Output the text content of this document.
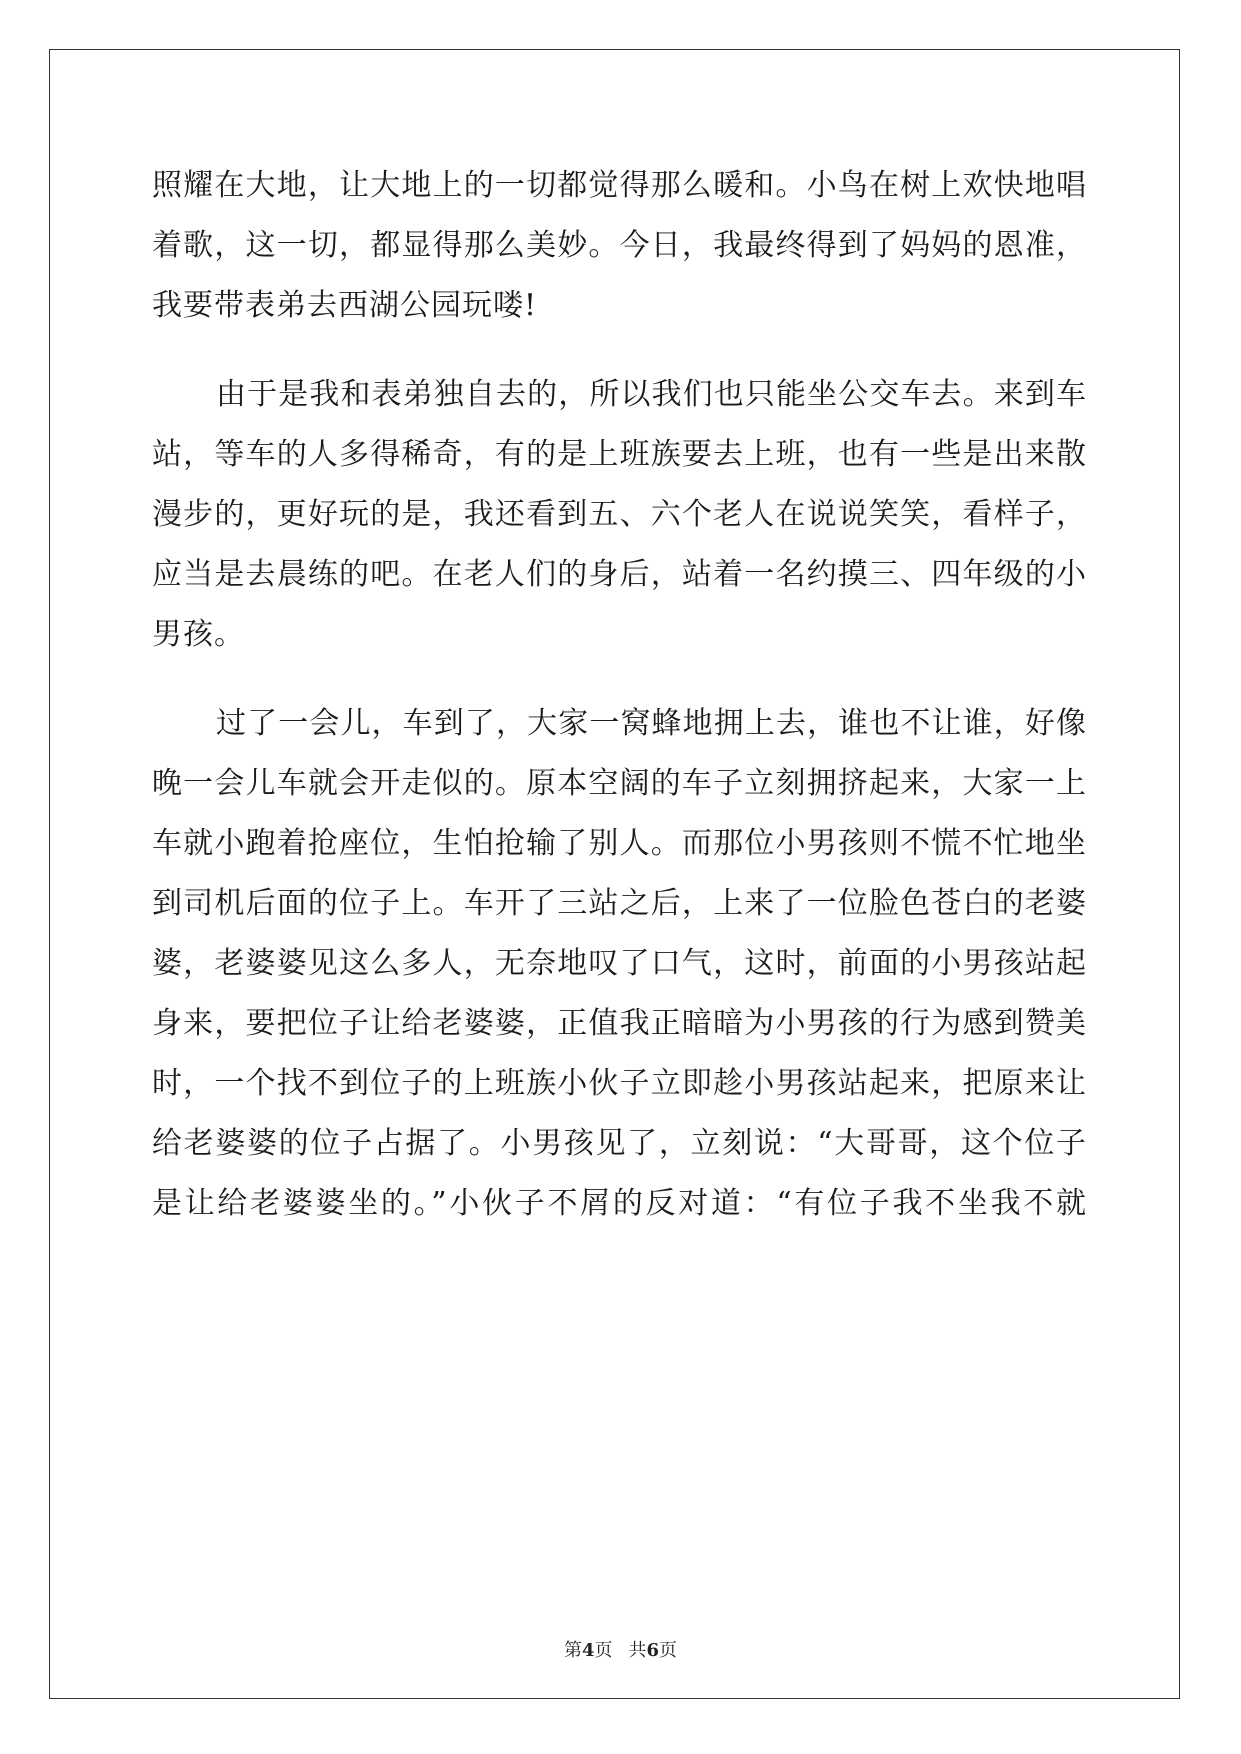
照耀在大地，让大地上的一切都觉得那么暖和。小鸟在树上欢快地唱
着歌，这一切，都显得那么美妙。今日，我最终得到了妈妈的恩准，
我要带表弟去西湖公园玩喽!
由于是我和表弟独自去的，所以我们也只能坐公交车去。来到车
站，等车的人多得稀奇，有的是上班族要去上班，也有一些是出来散
漫步的，更好玩的是，我还看到五、六个老人在说说笑笑，看样子，
应当是去晨练的吧。在老人们的身后，站着一名约摸三、四年级的小
男孩。
过了一会儿，车到了，大家一窝蜂地拥上去，谁也不让谁，好像
晚一会儿车就会开走似的。原本空阔的车子立刻拥挤起来，大家一上
车就小跑着抢座位，生怕抢输了别人。而那位小男孩则不慌不忙地坐
到司机后面的位子上。车开了三站之后，上来了一位脸色苍白的老婆
婆，老婆婆见这么多人，无奈地叹了口气，这时，前面的小男孩站起
身来，要把位子让给老婆婆，正值我正暗暗为小男孩的行为感到赞美
时，一个找不到位子的上班族小伙子立即趁小男孩站起来，把原来让
给老婆婆的位子占据了。小男孩见了，立刻说：“大哥哥，这个位子
是让给老婆婆坐的。”小伙子不屑的反对道：“有位子我不坐我不就
第4页 共6页
